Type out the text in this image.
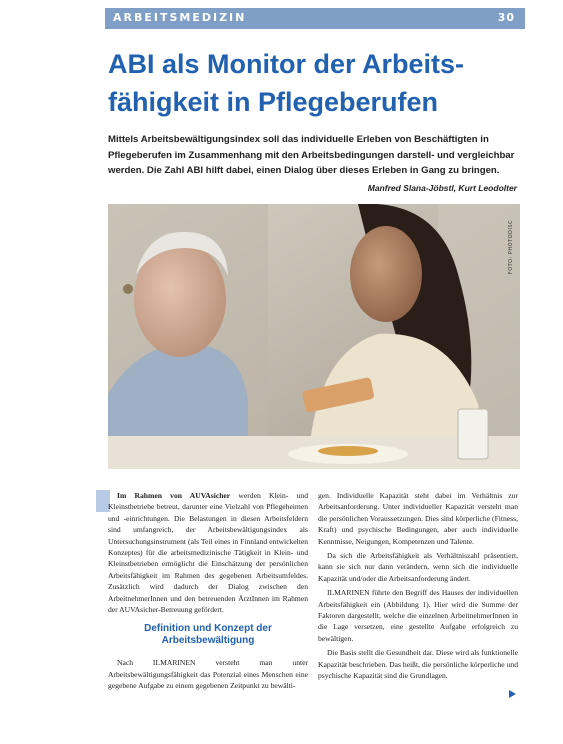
ARBEITSMEDIZIN	30
ABI als Monitor der Arbeitsfähigkeit in Pflegeberufen

Mittels Arbeitsbewältigungsindex soll das individuelle Erleben von Beschäftigten in Pflegeberufen im Zusammenhang mit den Arbeitsbedingungen darstell- und vergleichbar werden. Die Zahl ABI hilft dabei, einen Dialog über dieses Erleben in Gang zu bringen.

Manfred Slana-Jöbstl, Kurt Leodolter
FOTO: PHOTODISC

Im Rahmen von AUVAsicher werden Klein- und Kleinstbetriebe betreut, darunter eine Vielzahl von Pflegeheimen und -einrichtungen. Die Belastungen in diesen Arbeitsfeldern sind umfangreich, der Arbeitsbewältigungsindex als Untersuchungsinstrument (als Teil eines in Finnland entwickelten Konzeptes) für die arbeitsmedizinische Tätigkeit in Klein- und Kleinstbetrieben ermöglicht die Einschätzung der persönlichen Arbeitsfähigkeit im Rahmen des gegebenen Arbeitsumfeldes. Zusätzlich wird dadurch der Dialog zwischen den ArbeitnehmerInnen und den betreuenden ÄrztInnen im Rahmen der AUVAsicher-Betreuung gefördert.

Definition und Konzept der Arbeitsbewältigung

Nach ILMARINEN versteht man unter Arbeitsbewältigungsfähigkeit das Potenzial eines Menschen eine gegebene Aufgabe zu einem gegebenen Zeitpunkt zu bewälti-

gen. Individuelle Kapazität steht dabei im Verhältnis zur Arbeitsanforderung. Unter individueller Kapazität versteht man die persönlichen Voraussetzungen. Dies sind körperliche (Fitness, Kraft) und psychische Bedingungen, aber auch individuelle Kenntnisse, Neigungen, Kompetenzen und Talente.

Da sich die Arbeitsfähigkeit als Verhältniszahl präsentiert, kann sie sich nur dann verändern, wenn sich die individuelle Kapazität und/oder die Arbeitsanforderung ändert.

ILMARINEN führte den Begriff des Hauses der individuellen Arbeitsfähigkeit ein (Abbildung 1). Hier wird die Summe der Faktoren dargestellt, welche die einzelnen ArbeitnehmerInnen in die Lage versetzen, eine gestellte Aufgabe erfolgreich zu bewältigen.

Die Basis stellt die Gesundheit dar. Diese wird als funktionelle Kapazität beschrieben. Das heißt, die persönliche körperliche und psychische Kapazität sind die Grundlagen.
